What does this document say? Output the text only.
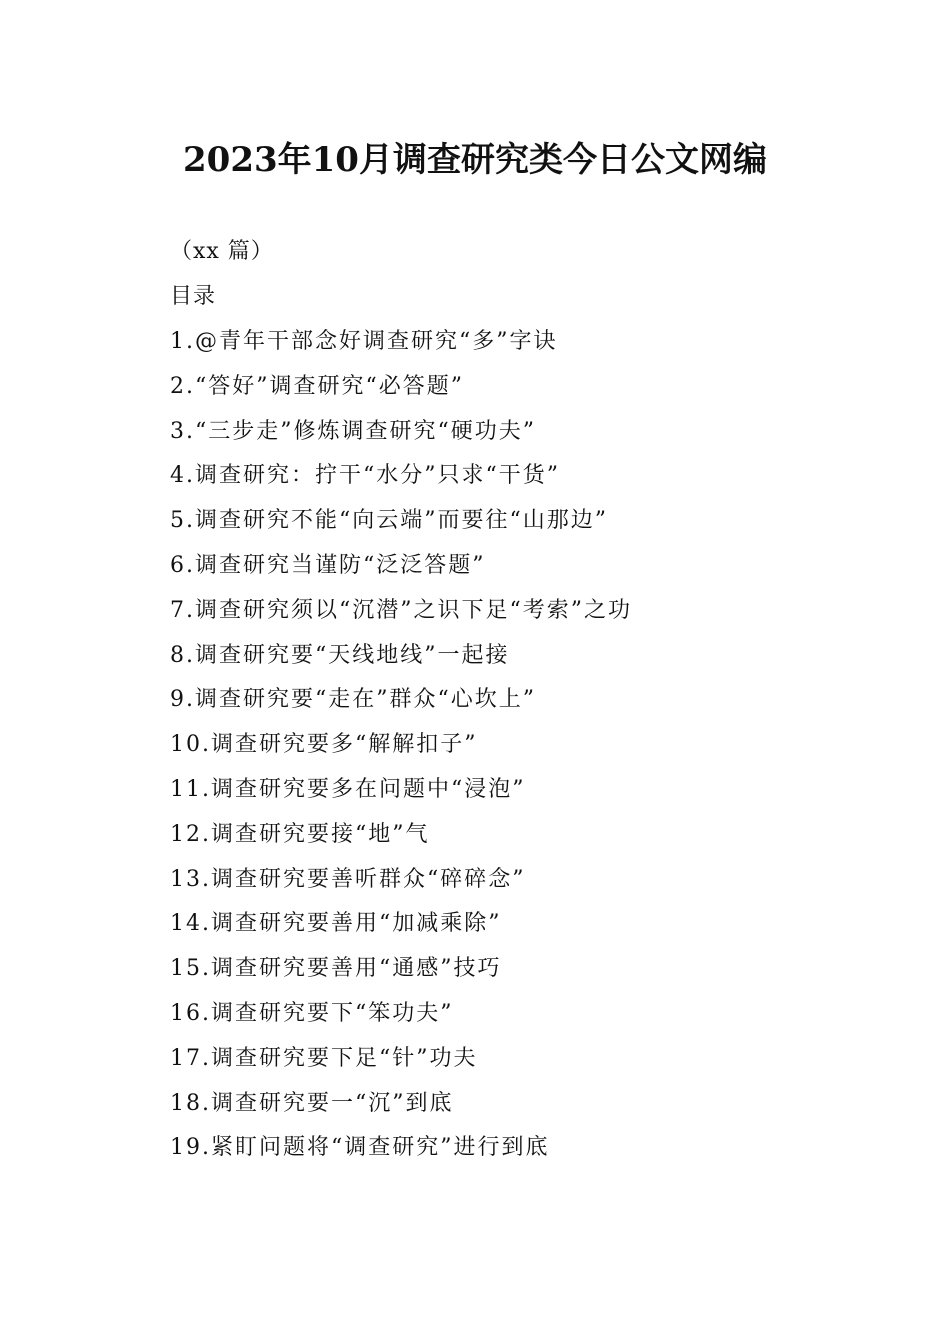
2023年10月调查研究类今日公文网编
（xx 篇）
目录
1.@青年干部念好调查研究“多”字诀
2.“答好”调查研究“必答题”
3.“三步走”修炼调查研究“硬功夫”
4.调查研究：拧干“水分”只求“干货”
5.调查研究不能“向云端”而要往“山那边”
6.调查研究当谨防“泛泛答题”
7.调查研究须以“沉潜”之识下足“考索”之功
8.调查研究要“天线地线”一起接
9.调查研究要“走在”群众“心坎上”
10.调查研究要多“解解扣子”
11.调查研究要多在问题中“浸泡”
12.调查研究要接“地”气
13.调查研究要善听群众“碎碎念”
14.调查研究要善用“加减乘除”
15.调查研究要善用“通感”技巧
16.调查研究要下“笨功夫”
17.调查研究要下足“针”功夫
18.调查研究要一“沉”到底
19.紧盯问题将“调查研究”进行到底
